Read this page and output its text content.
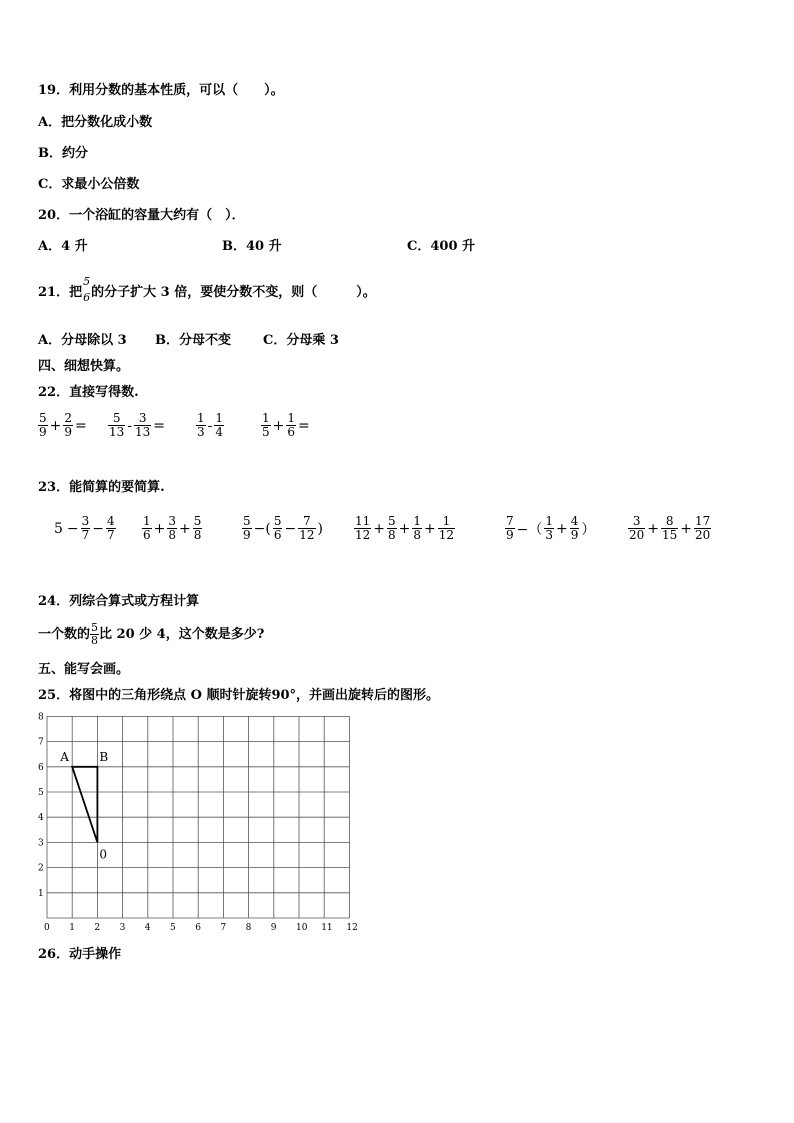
19．利用分数的基本性质，可以（　　）。
A．把分数化成小数
B．约分
C．求最小公倍数
20．一个浴缸的容量大约有（　）．
A．4 升	B．40 升	C．400 升
21．把
5
6 的分子扩大 3 倍，要使分数不变，则（　　　）。
A．分母除以 3 B．分母不变 C．分母乘 3
四、细想快算。
22．直接写得数.
$\frac{5}{9} + \frac{2}{9} = \frac{5}{13} - \frac{3}{13}$ =	$\frac{1}{3} - \frac{1}{4}$	$\frac{1}{5} + \frac{1}{6}$ =
23．能简算的要简算.
$5 - \frac{3}{7} - \frac{4}{7} \frac{1}{6} + \frac{3}{8} + \frac{5}{8}$	$\frac{5}{9}$ −( $\frac{5}{6} - \frac{7}{12}$ )	$\frac{11}{12} + \frac{5}{8} + \frac{1}{8} + \frac{1}{12}$	$\frac{7}{9}$ −（ $\frac{1}{3} + \frac{4}{9}$ ）	$\frac{3}{20} + \frac{8}{15} + \frac{17}{20}$
24．列综合算式或方程计算
一个数的 $\frac{5}{8}$ 比 20 少 4，这个数是多少?
五、能写会画。
25．将图中的三角形绕点 O 顺时针旋转90°，并画出旋转后的图形。
0 1 2 3 4 5 6 7 8 9 10 11 12
1
2
3
4
5
6
7
8
A	B
0
26．动手操作
